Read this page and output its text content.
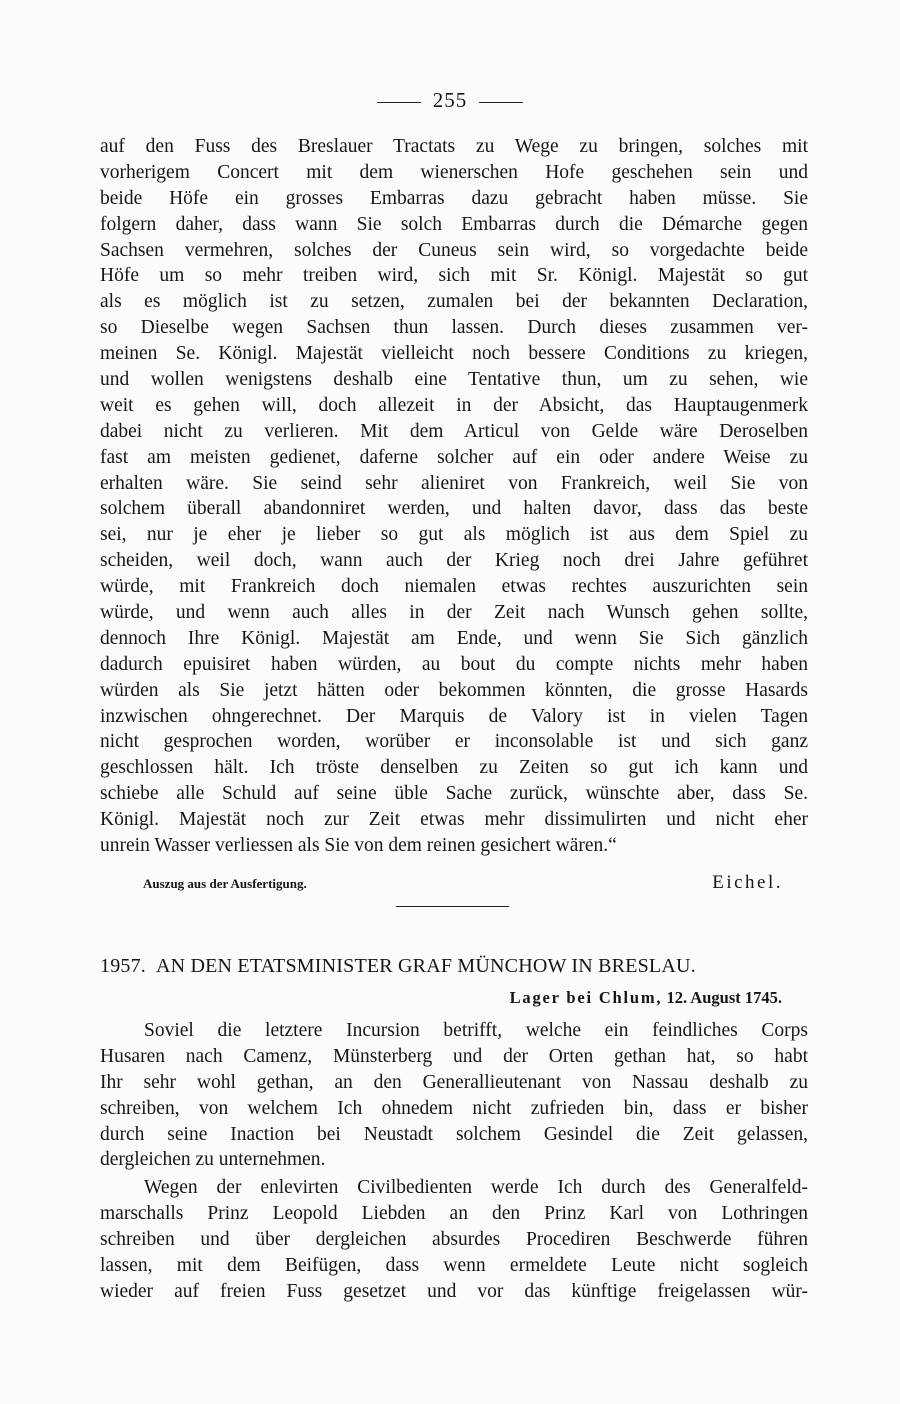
255
auf den Fuss des Breslauer Tractats zu Wege zu bringen, solches mit
vorherigem Concert mit dem wienerschen Hofe geschehen sein und
beide Höfe ein grosses Embarras dazu gebracht haben müsse. Sie
folgern daher, dass wann Sie solch Embarras durch die Démarche gegen
Sachsen vermehren, solches der Cuneus sein wird, so vorgedachte beide
Höfe um so mehr treiben wird, sich mit Sr. Königl. Majestät so gut
als es möglich ist zu setzen, zumalen bei der bekannten Declaration,
so Dieselbe wegen Sachsen thun lassen. Durch dieses zusammen ver-
meinen Se. Königl. Majestät vielleicht noch bessere Conditions zu kriegen,
und wollen wenigstens deshalb eine Tentative thun, um zu sehen, wie
weit es gehen will, doch allezeit in der Absicht, das Hauptaugenmerk
dabei nicht zu verlieren. Mit dem Articul von Gelde wäre Deroselben
fast am meisten gedienet, daferne solcher auf ein oder andere Weise zu
erhalten wäre. Sie seind sehr alieniret von Frankreich, weil Sie von
solchem überall abandonniret werden, und halten davor, dass das beste
sei, nur je eher je lieber so gut als möglich ist aus dem Spiel zu
scheiden, weil doch, wann auch der Krieg noch drei Jahre geführet
würde, mit Frankreich doch niemalen etwas rechtes auszurichten sein
würde, und wenn auch alles in der Zeit nach Wunsch gehen sollte,
dennoch Ihre Königl. Majestät am Ende, und wenn Sie Sich gänzlich
dadurch epuisiret haben würden, au bout du compte nichts mehr haben
würden als Sie jetzt hätten oder bekommen könnten, die grosse Hasards
inzwischen ohngerechnet. Der Marquis de Valory ist in vielen Tagen
nicht gesprochen worden, worüber er inconsolable ist und sich ganz
geschlossen hält. Ich tröste denselben zu Zeiten so gut ich kann und
schiebe alle Schuld auf seine üble Sache zurück, wünschte aber, dass Se.
Königl. Majestät noch zur Zeit etwas mehr dissimulirten und nicht eher
unrein Wasser verliessen als Sie von dem reinen gesichert wären.“
Auszug aus der Ausfertigung.	Eichel.
1957. AN DEN ETATSMINISTER GRAF MÜNCHOW IN BRESLAU.
Lager bei Chlum, 12. August 1745.
Soviel die letztere Incursion betrifft, welche ein feindliches Corps
Husaren nach Camenz, Münsterberg und der Orten gethan hat, so habt
Ihr sehr wohl gethan, an den Generallieutenant von Nassau deshalb zu
schreiben, von welchem Ich ohnedem nicht zufrieden bin, dass er bisher
durch seine Inaction bei Neustadt solchem Gesindel die Zeit gelassen,
dergleichen zu unternehmen.
Wegen der enlevirten Civilbedienten werde Ich durch des Generalfeld-
marschalls Prinz Leopold Liebden an den Prinz Karl von Lothringen
schreiben und über dergleichen absurdes Procediren Beschwerde führen
lassen, mit dem Beifügen, dass wenn ermeldete Leute nicht sogleich
wieder auf freien Fuss gesetzet und vor das künftige freigelassen wür-
